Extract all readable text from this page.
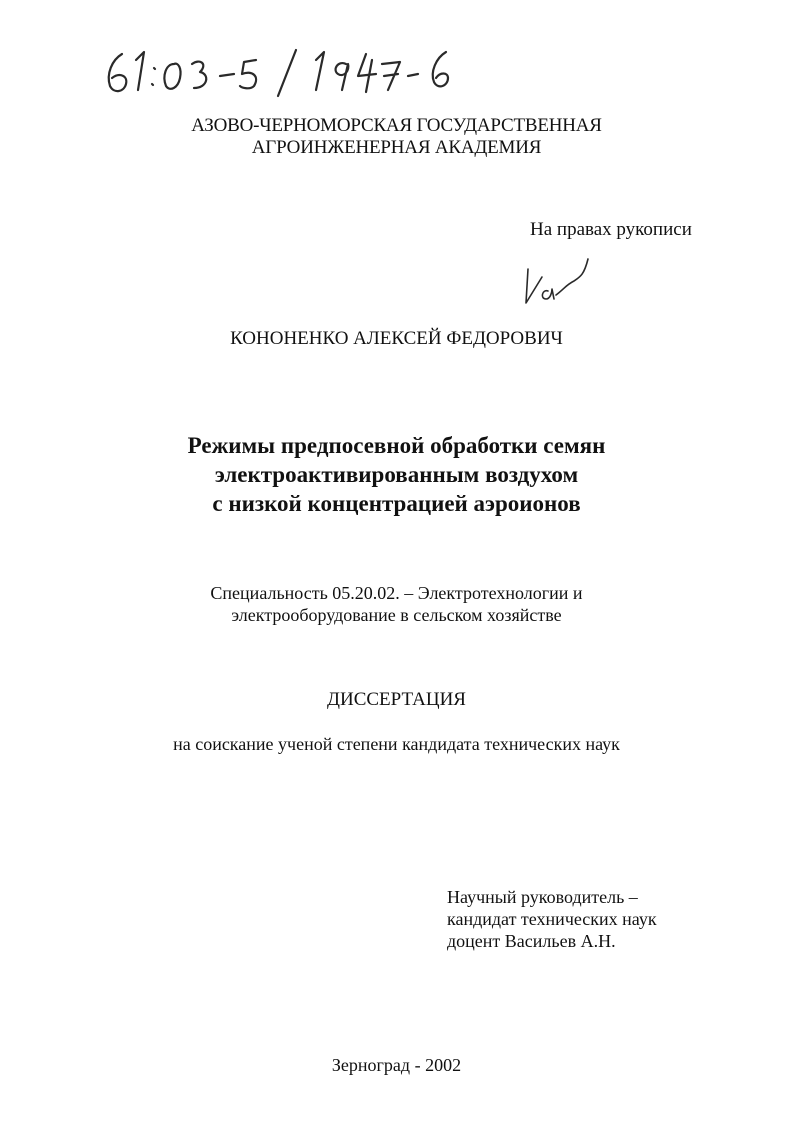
АЗОВО-ЧЕРНОМОРСКАЯ ГОСУДАРСТВЕННАЯ
АГРОИНЖЕНЕРНАЯ АКАДЕМИЯ
На правах рукописи
КОНОНЕНКО АЛЕКСЕЙ ФЕДОРОВИЧ
Режимы предпосевной обработки семян
электроактивированным воздухом
с низкой концентрацией аэроионов
Специальность 05.20.02. – Электротехнологии и
электрооборудование в сельском хозяйстве
ДИССЕРТАЦИЯ
на соискание ученой степени кандидата технических наук
Научный руководитель –
кандидат технических наук
доцент Васильев А.Н.
Зерноград - 2002
